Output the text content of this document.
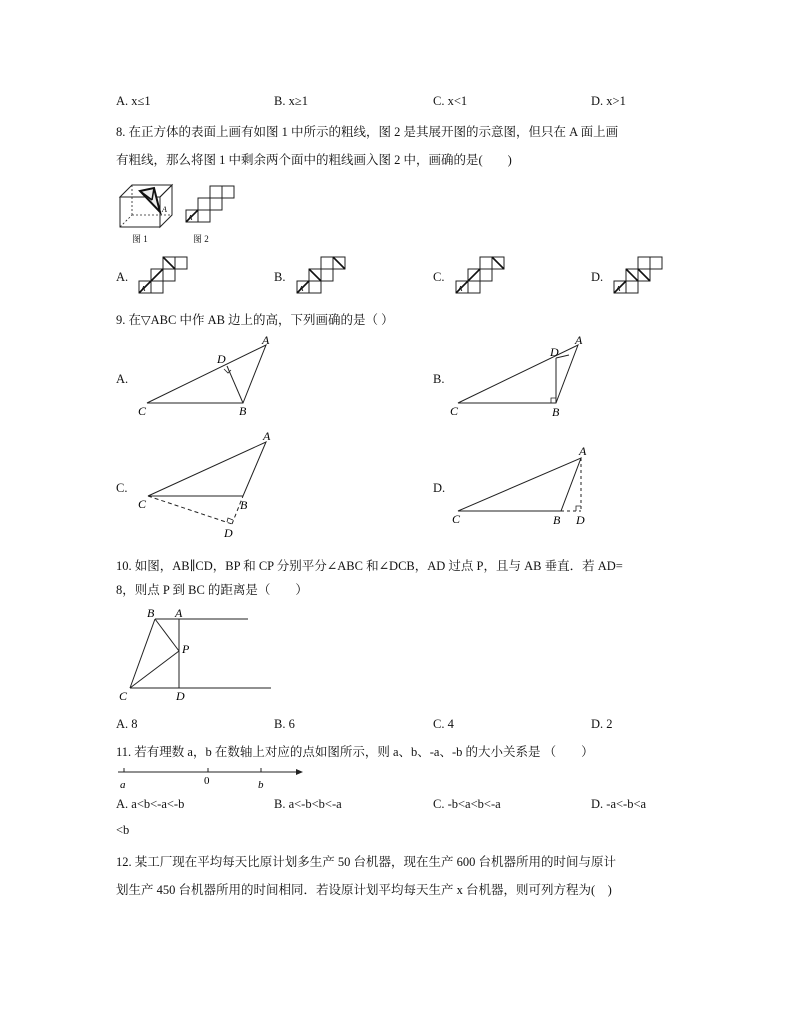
A. x≤1	B. x≥1	C. x<1	D. x>1
8. 在正方体的表面上画有如图 1 中所示的粗线，图 2 是其展开图的示意图，但只在 A 面上画
有粗线，那么将图 1 中剩余两个面中的粗线画入图 2 中，画确的是(　　)
A
图 1
A
图 2
A.
A
B.
A
C.
A
D.
A
9. 在▽ABC 中作 AB 边上的高，下列画确的是（ ）
A.
A
D
C	B
B.
A
D
C	B
C.
A
C	B
D
D.
A
C	B D
10. 如图，AB∥CD，BP 和 CP 分别平分∠ABC 和∠DCB，AD 过点 P，且与 AB 垂直．若 AD=
8，则点 P 到 BC 的距离是（　　）
B A
P
C	D
A. 8	B. 6	C. 4	D. 2
11. 若有理数 a，b 在数轴上对应的点如图所示，则 a、b、-a、-b 的大小关系是 （　　）
a	0	b
A. a<b<-a<-b	B. a<-b<b<-a	C. -b<a<b<-a	D. -a<-b<a
<b
12. 某工厂现在平均每天比原计划多生产 50 台机器，现在生产 600 台机器所用的时间与原计
划生产 450 台机器所用的时间相同．若设原计划平均每天生产 x 台机器，则可列方程为(　)
